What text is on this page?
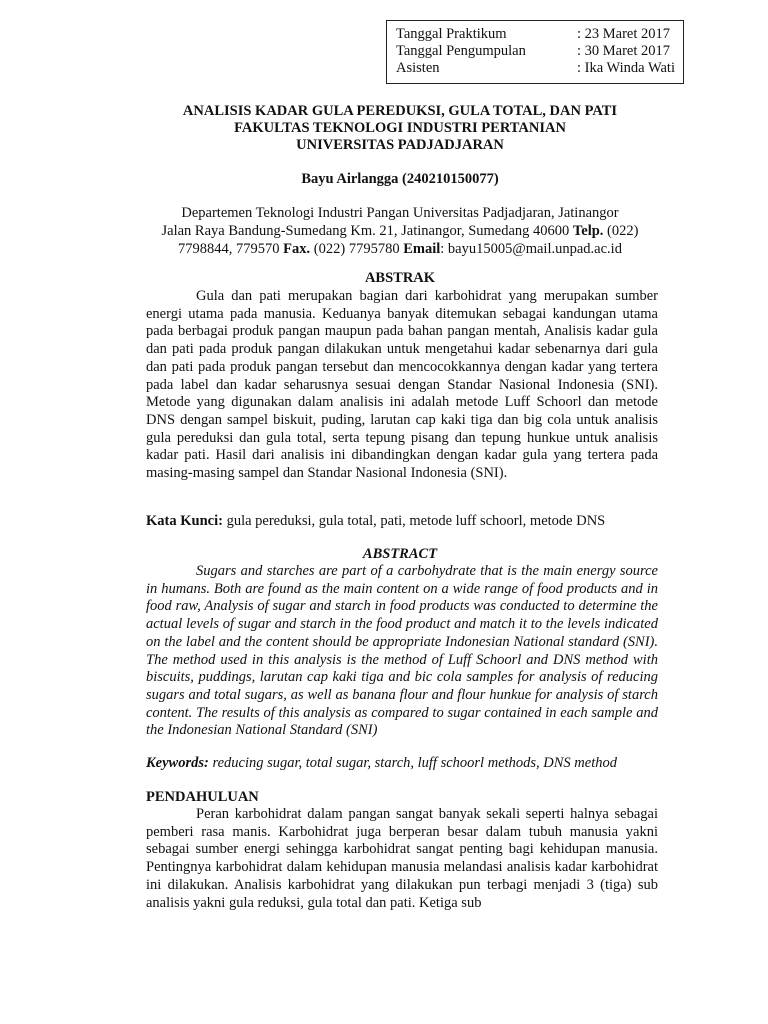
Tanggal Praktikum	: 23 Maret 2017
Tanggal Pengumpulan	: 30 Maret 2017
Asisten	: Ika Winda Wati
ANALISIS KADAR GULA PEREDUKSI, GULA TOTAL, DAN PATI
FAKULTAS TEKNOLOGI INDUSTRI PERTANIAN
UNIVERSITAS PADJADJARAN
Bayu Airlangga (240210150077)
Departemen Teknologi Industri Pangan Universitas Padjadjaran, Jatinangor
Jalan Raya Bandung-Sumedang Km. 21, Jatinangor, Sumedang 40600 Telp. (022)
7798844, 779570 Fax. (022) 7795780 Email: bayu15005@mail.unpad.ac.id
ABSTRAK
Gula dan pati merupakan bagian dari karbohidrat yang merupakan sumber energi utama pada manusia. Keduanya banyak ditemukan sebagai kandungan utama pada berbagai produk pangan maupun pada bahan pangan mentah, Analisis kadar gula dan pati pada produk pangan dilakukan untuk mengetahui kadar sebenarnya dari gula dan pati pada produk pangan tersebut dan mencocokkannya dengan kadar yang tertera pada label dan kadar seharusnya sesuai dengan Standar Nasional Indonesia (SNI). Metode yang digunakan dalam analisis ini adalah metode Luff Schoorl dan metode DNS dengan sampel biskuit, puding, larutan cap kaki tiga dan big cola untuk analisis gula pereduksi dan gula total, serta tepung pisang dan tepung hunkue untuk analisis kadar pati. Hasil dari analisis ini dibandingkan dengan kadar gula yang tertera pada masing-masing sampel dan Standar Nasional Indonesia (SNI).
Kata Kunci: gula pereduksi, gula total, pati, metode luff schoorl, metode DNS
ABSTRACT
Sugars and starches are part of a carbohydrate that is the main energy source in humans. Both are found as the main content on a wide range of food products and in food raw, Analysis of sugar and starch in food products was conducted to determine the actual levels of sugar and starch in the food product and match it to the levels indicated on the label and the content should be appropriate Indonesian National standard (SNI). The method used in this analysis is the method of Luff Schoorl and DNS method with biscuits, puddings, larutan cap kaki tiga and bic cola samples for analysis of reducing sugars and total sugars, as well as banana flour and flour hunkue for analysis of starch content. The results of this analysis as compared to sugar contained in each sample and the Indonesian National Standard (SNI)
Keywords: reducing sugar, total sugar, starch, luff schoorl methods, DNS method
PENDAHULUAN
Peran karbohidrat dalam pangan sangat banyak sekali seperti halnya sebagai pemberi rasa manis. Karbohidrat juga berperan besar dalam tubuh manusia yakni sebagai sumber energi sehingga karbohidrat sangat penting bagi kehidupan manusia. Pentingnya karbohidrat dalam kehidupan manusia melandasi analisis kadar karbohidrat ini dilakukan. Analisis karbohidrat yang dilakukan pun terbagi menjadi 3 (tiga) sub analisis yakni gula reduksi, gula total dan pati. Ketiga sub
